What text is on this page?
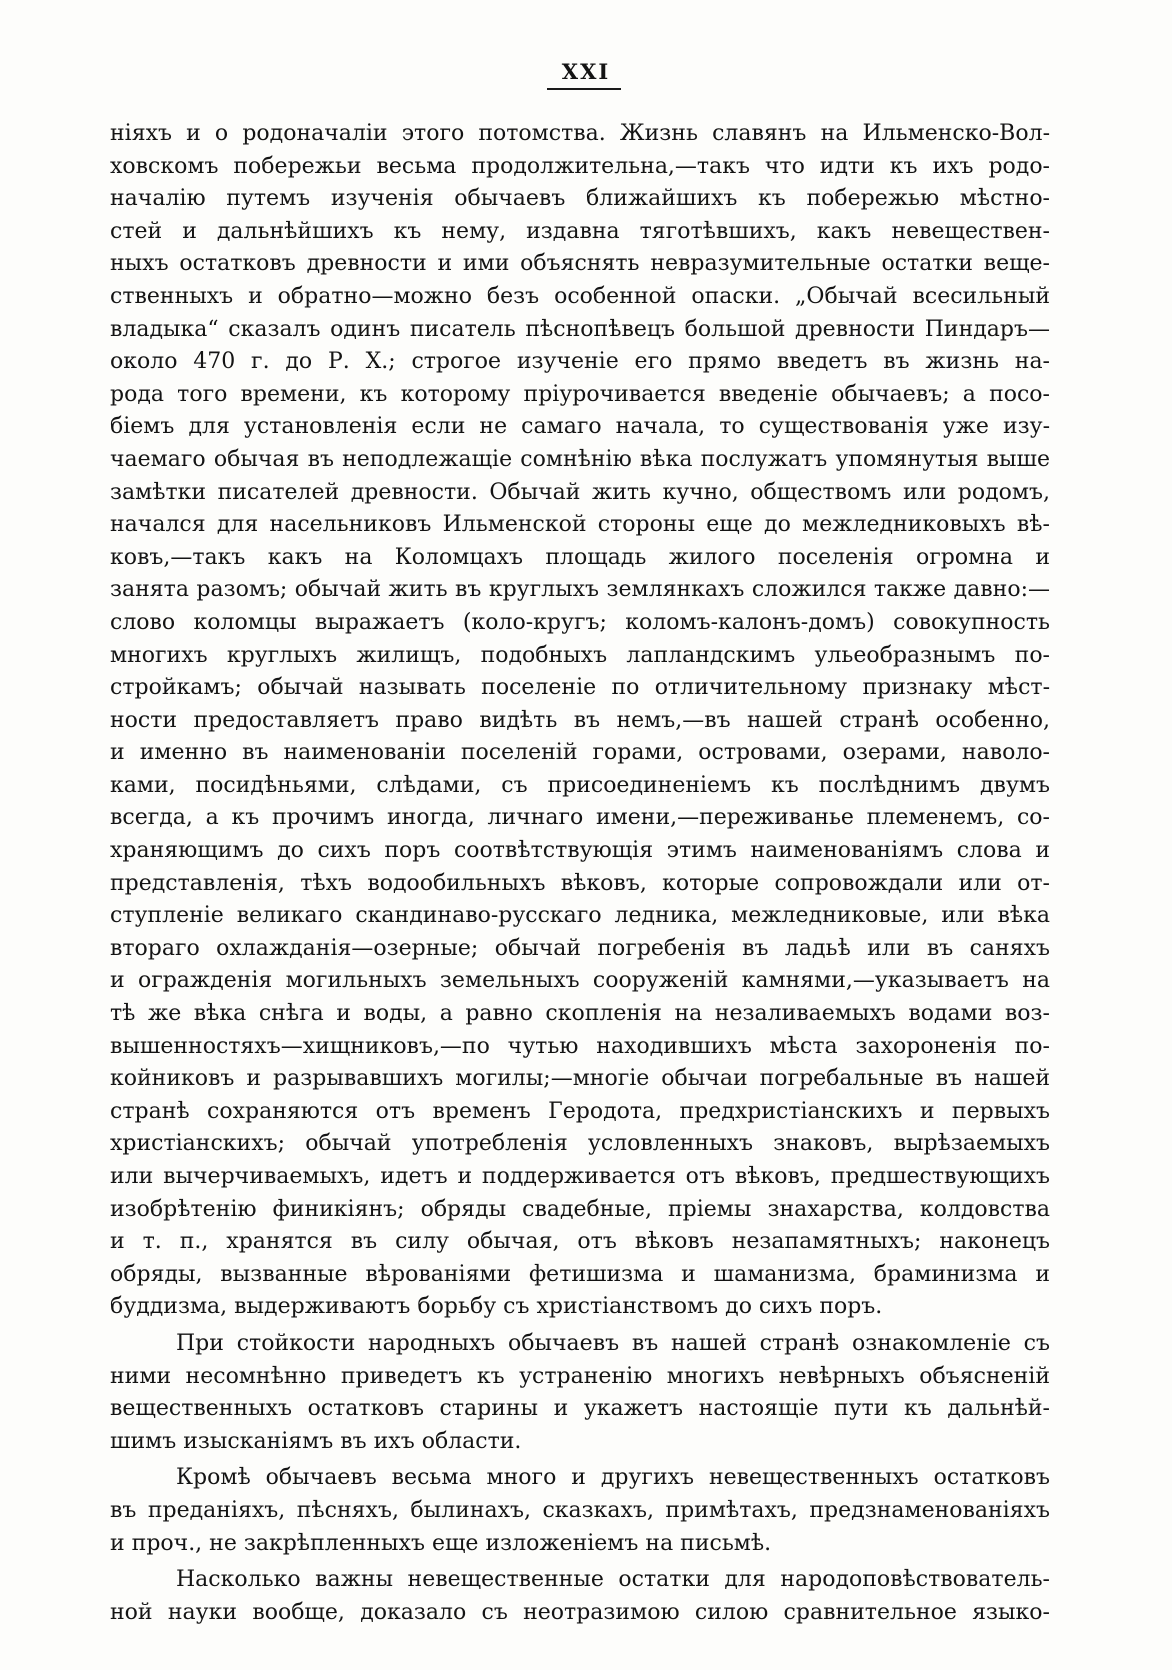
XXI
ніяхъ и о родоначаліи этого потомства. Жизнь славянъ на Ильменско-Вол-
ховскомъ побережьи весьма продолжительна,—такъ что идти къ ихъ родо-
началію путемъ изученія обычаевъ ближайшихъ къ побережью мѣстно-
стей и дальнѣйшихъ къ нему, издавна тяготѣвшихъ, какъ невеществен-
ныхъ остатковъ древности и ими объяснять невразумительные остатки веще-
ственныхъ и обратно—можно безъ особенной опаски. „Обычай всесильный
владыка“ сказалъ одинъ писатель пѣснопѣвецъ большой древности Пиндаръ—
около 470 г. до Р. X.; строгое изученіе его прямо введетъ въ жизнь на-
рода того времени, къ которому пріурочивается введеніе обычаевъ; а посо-
біемъ для установленія если не самаго начала, то существованія уже изу-
чаемаго обычая въ неподлежащіе сомнѣнію вѣка послужатъ упомянутыя выше
замѣтки писателей древности. Обычай жить кучно, обществомъ или родомъ,
начался для насельниковъ Ильменской стороны еще до межледниковыхъ вѣ-
ковъ,—такъ какъ на Коломцахъ площадь жилого поселенія огромна и
занята разомъ; обычай жить въ круглыхъ землянкахъ сложился также давно:—
слово коломцы выражаетъ (коло-кругъ; коломъ-калонъ-домъ) совокупность
многихъ круглыхъ жилищъ, подобныхъ лапландскимъ ульеобразнымъ по-
стройкамъ; обычай называть поселеніе по отличительному признаку мѣст-
ности предоставляетъ право видѣть въ немъ,—въ нашей странѣ особенно,
и именно въ наименованіи поселеній горами, островами, озерами, наволо-
ками, посидѣньями, слѣдами, съ присоединеніемъ къ послѣднимъ двумъ
всегда, а къ прочимъ иногда, личнаго имени,—переживанье племенемъ, со-
храняющимъ до сихъ поръ соотвѣтствующія этимъ наименованіямъ слова и
представленія, тѣхъ водообильныхъ вѣковъ, которые сопровождали или от-
ступленіе великаго скандинаво-русскаго ледника, межледниковые, или вѣка
втораго охлажданія—озерные; обычай погребенія въ ладьѣ или въ саняхъ
и огражденія могильныхъ земельныхъ сооруженій камнями,—указываетъ на
тѣ же вѣка снѣга и воды, а равно скопленія на незаливаемыхъ водами воз-
вышенностяхъ—хищниковъ,—по чутью находившихъ мѣста захороненія по-
койниковъ и разрывавшихъ могилы;—многіе обычаи погребальные въ нашей
странѣ сохраняются отъ временъ Геродота, предхристіанскихъ и первыхъ
христіанскихъ; обычай употребленія условленныхъ знаковъ, вырѣзаемыхъ
или вычерчиваемыхъ, идетъ и поддерживается отъ вѣковъ, предшествующихъ
изобрѣтенію финикіянъ; обряды свадебные, пріемы знахарства, колдовства
и т. п., хранятся въ силу обычая, отъ вѣковъ незапамятныхъ; наконецъ
обряды, вызванные вѣрованіями фетишизма и шаманизма, браминизма и
буддизма, выдерживаютъ борьбу съ христіанствомъ до сихъ поръ.
При стойкости народныхъ обычаевъ въ нашей странѣ ознакомленіе съ
ними несомнѣнно приведетъ къ устраненію многихъ невѣрныхъ объясненій
вещественныхъ остатковъ старины и укажетъ настоящіе пути къ дальнѣй-
шимъ изысканіямъ въ ихъ области.
Кромѣ обычаевъ весьма много и другихъ невещественныхъ остатковъ
въ преданіяхъ, пѣсняхъ, былинахъ, сказкахъ, примѣтахъ, предзнаменованіяхъ
и проч., не закрѣпленныхъ еще изложеніемъ на письмѣ.
Насколько важны невещественные остатки для народоповѣствователь-
ной науки вообще, доказало съ неотразимою силою сравнительное языко-
